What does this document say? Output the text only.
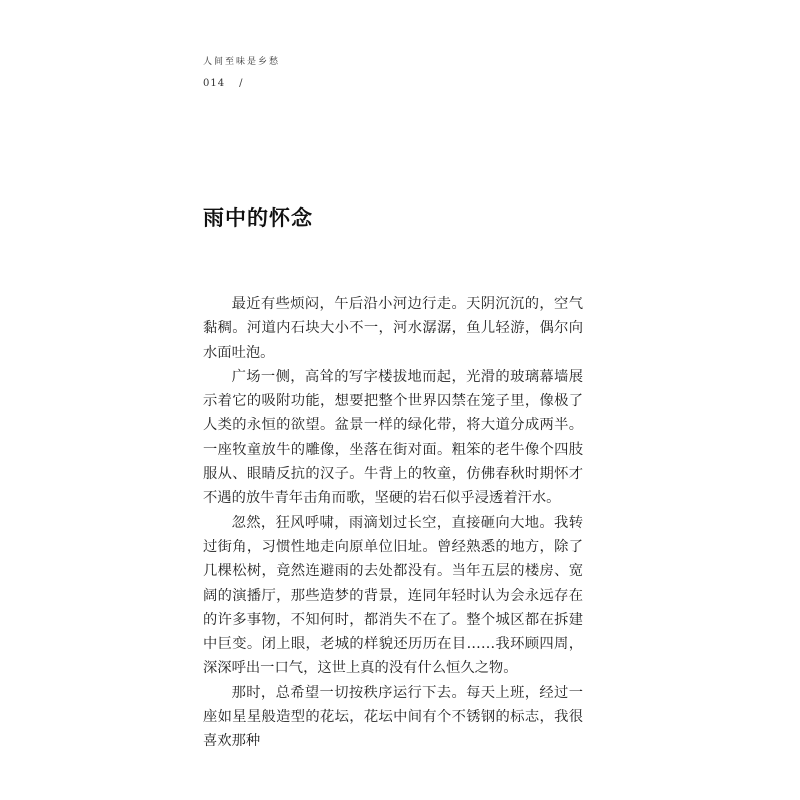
人间至味是乡愁
014 /
雨中的怀念

最近有些烦闷，午后沿小河边行走。天阴沉沉的，空气黏稠。河道内石块大小不一，河水潺潺，鱼儿轻游，偶尔向水面吐泡。

广场一侧，高耸的写字楼拔地而起，光滑的玻璃幕墙展示着它的吸附功能，想要把整个世界囚禁在笼子里，像极了人类的永恒的欲望。盆景一样的绿化带，将大道分成两半。一座牧童放牛的雕像，坐落在街对面。粗笨的老牛像个四肢服从、眼睛反抗的汉子。牛背上的牧童，仿佛春秋时期怀才不遇的放牛青年击角而歌，坚硬的岩石似乎浸透着汗水。

忽然，狂风呼啸，雨滴划过长空，直接砸向大地。我转过街角，习惯性地走向原单位旧址。曾经熟悉的地方，除了几棵松树，竟然连避雨的去处都没有。当年五层的楼房、宽阔的演播厅，那些造梦的背景，连同年轻时认为会永远存在的许多事物，不知何时，都消失不在了。整个城区都在拆建中巨变。闭上眼，老城的样貌还历历在目……我环顾四周，深深呼出一口气，这世上真的没有什么恒久之物。

那时，总希望一切按秩序运行下去。每天上班，经过一座如星星般造型的花坛，花坛中间有个不锈钢的标志，我很喜欢那种
